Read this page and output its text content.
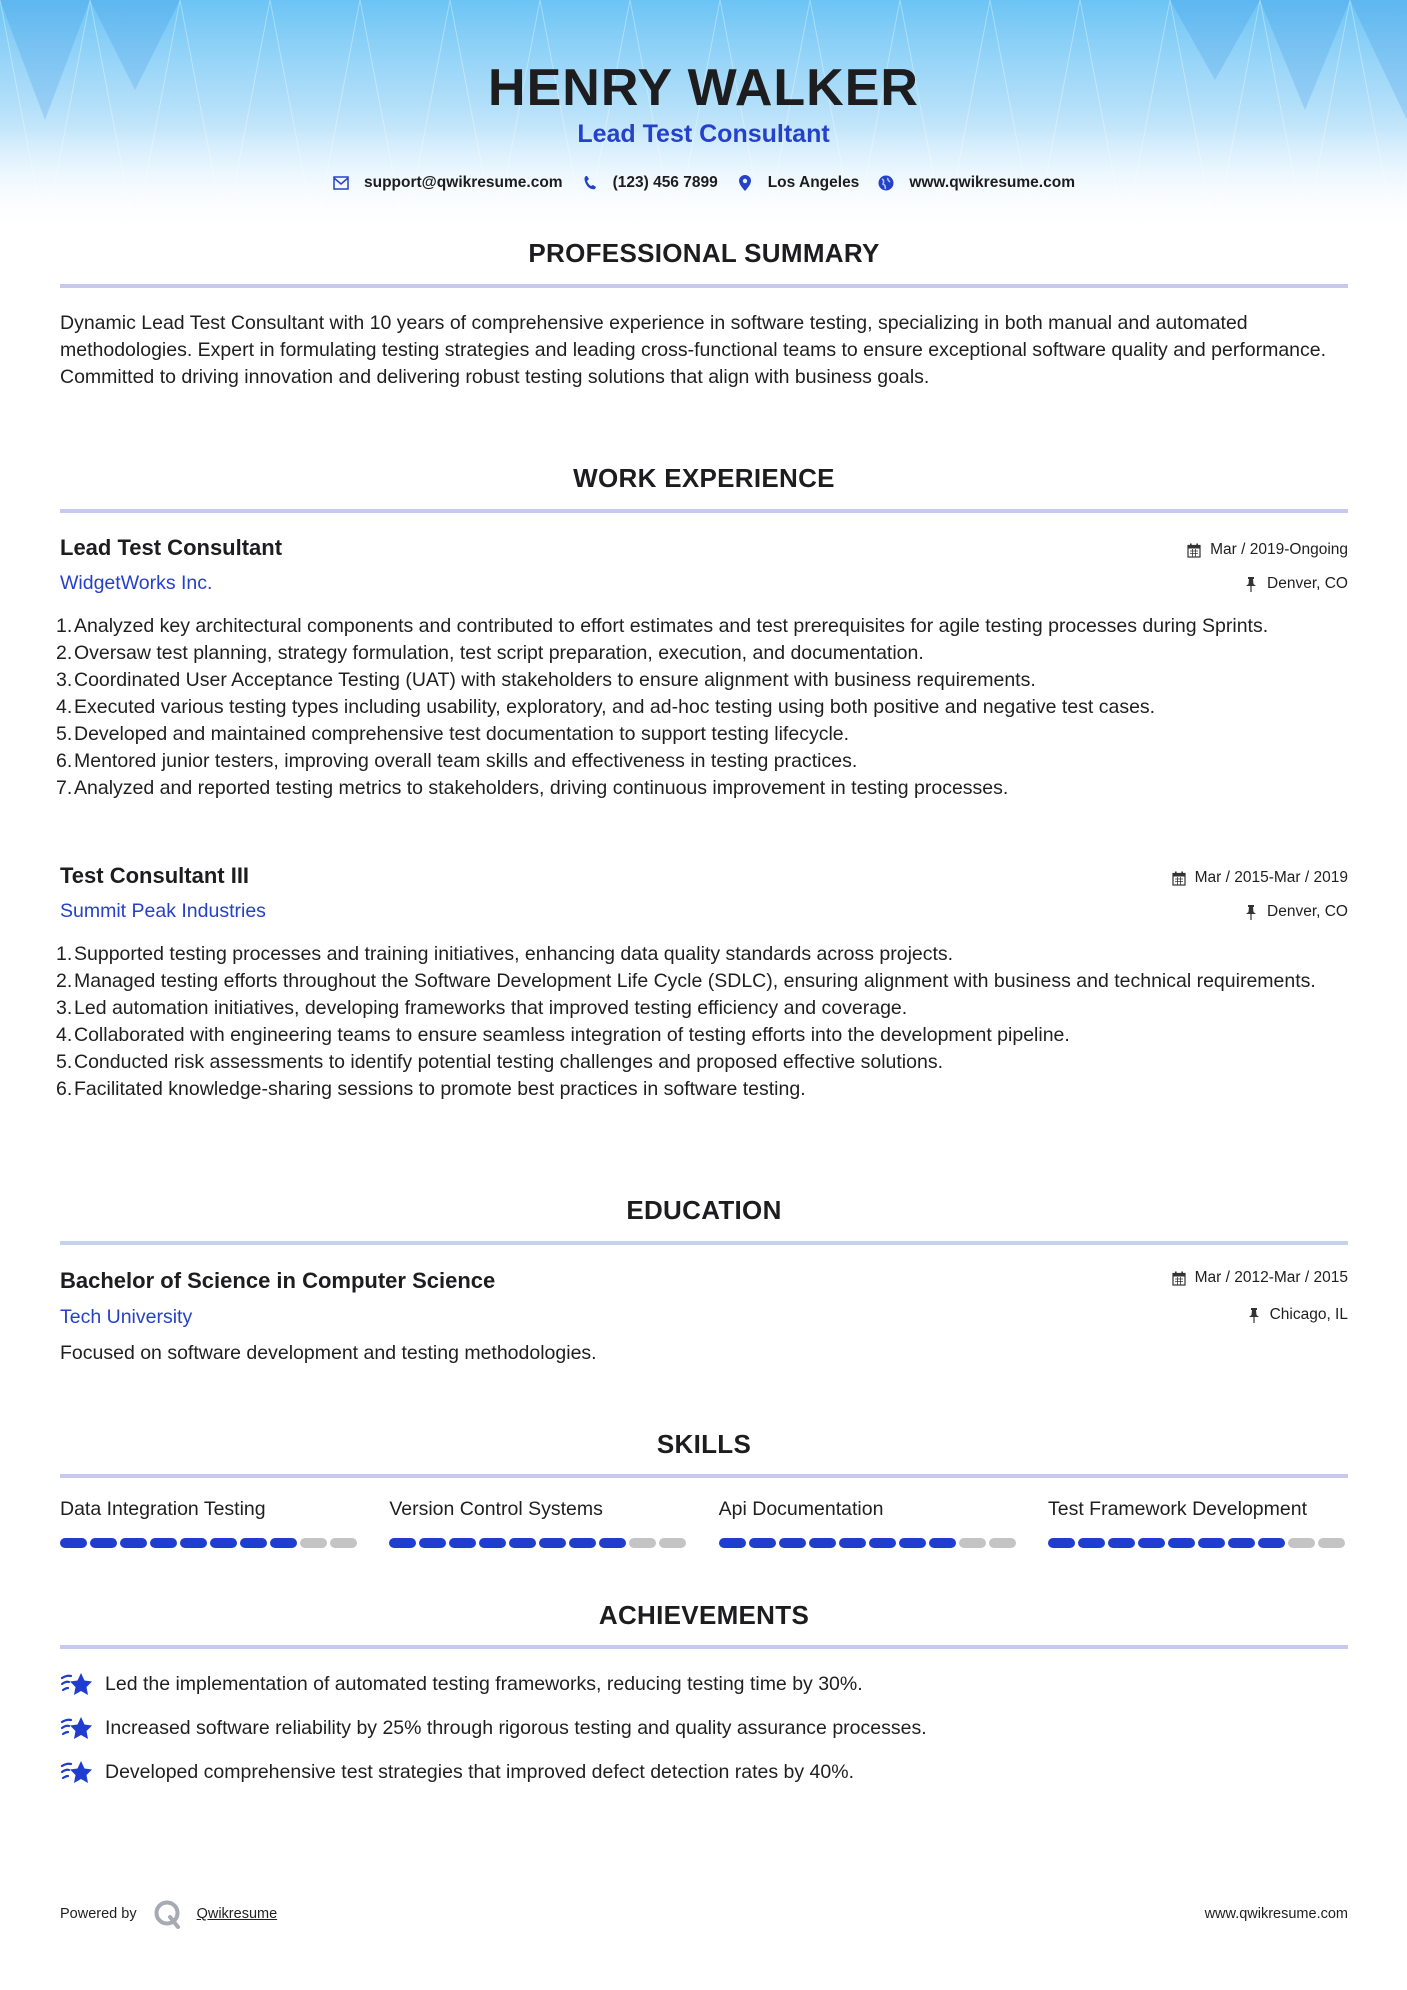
HENRY WALKER
Lead Test Consultant
support@qwikresume.com	(123) 456 7899	Los Angeles	www.qwikresume.com
PROFESSIONAL SUMMARY
Dynamic Lead Test Consultant with 10 years of comprehensive experience in software testing, specializing in both manual and automated methodologies. Expert in formulating testing strategies and leading cross-functional teams to ensure exceptional software quality and performance. Committed to driving innovation and delivering robust testing solutions that align with business goals.
WORK EXPERIENCE
Lead Test Consultant	Mar / 2019-Ongoing
WidgetWorks Inc.	Denver, CO
1. Analyzed key architectural components and contributed to effort estimates and test prerequisites for agile testing processes during Sprints.
2. Oversaw test planning, strategy formulation, test script preparation, execution, and documentation.
3. Coordinated User Acceptance Testing (UAT) with stakeholders to ensure alignment with business requirements.
4. Executed various testing types including usability, exploratory, and ad-hoc testing using both positive and negative test cases.
5. Developed and maintained comprehensive test documentation to support testing lifecycle.
6. Mentored junior testers, improving overall team skills and effectiveness in testing practices.
7. Analyzed and reported testing metrics to stakeholders, driving continuous improvement in testing processes.
Test Consultant III	Mar / 2015-Mar / 2019
Summit Peak Industries	Denver, CO
1. Supported testing processes and training initiatives, enhancing data quality standards across projects.
2. Managed testing efforts throughout the Software Development Life Cycle (SDLC), ensuring alignment with business and technical requirements.
3. Led automation initiatives, developing frameworks that improved testing efficiency and coverage.
4. Collaborated with engineering teams to ensure seamless integration of testing efforts into the development pipeline.
5. Conducted risk assessments to identify potential testing challenges and proposed effective solutions.
6. Facilitated knowledge-sharing sessions to promote best practices in software testing.
EDUCATION
Bachelor of Science in Computer Science	Mar / 2012-Mar / 2015
Tech University	Chicago, IL
Focused on software development and testing methodologies.
SKILLS
Data Integration Testing	Version Control Systems	Api Documentation	Test Framework Development
ACHIEVEMENTS
Led the implementation of automated testing frameworks, reducing testing time by 30%.
Increased software reliability by 25% through rigorous testing and quality assurance processes.
Developed comprehensive test strategies that improved defect detection rates by 40%.
Powered by	Qwikresume	www.qwikresume.com
